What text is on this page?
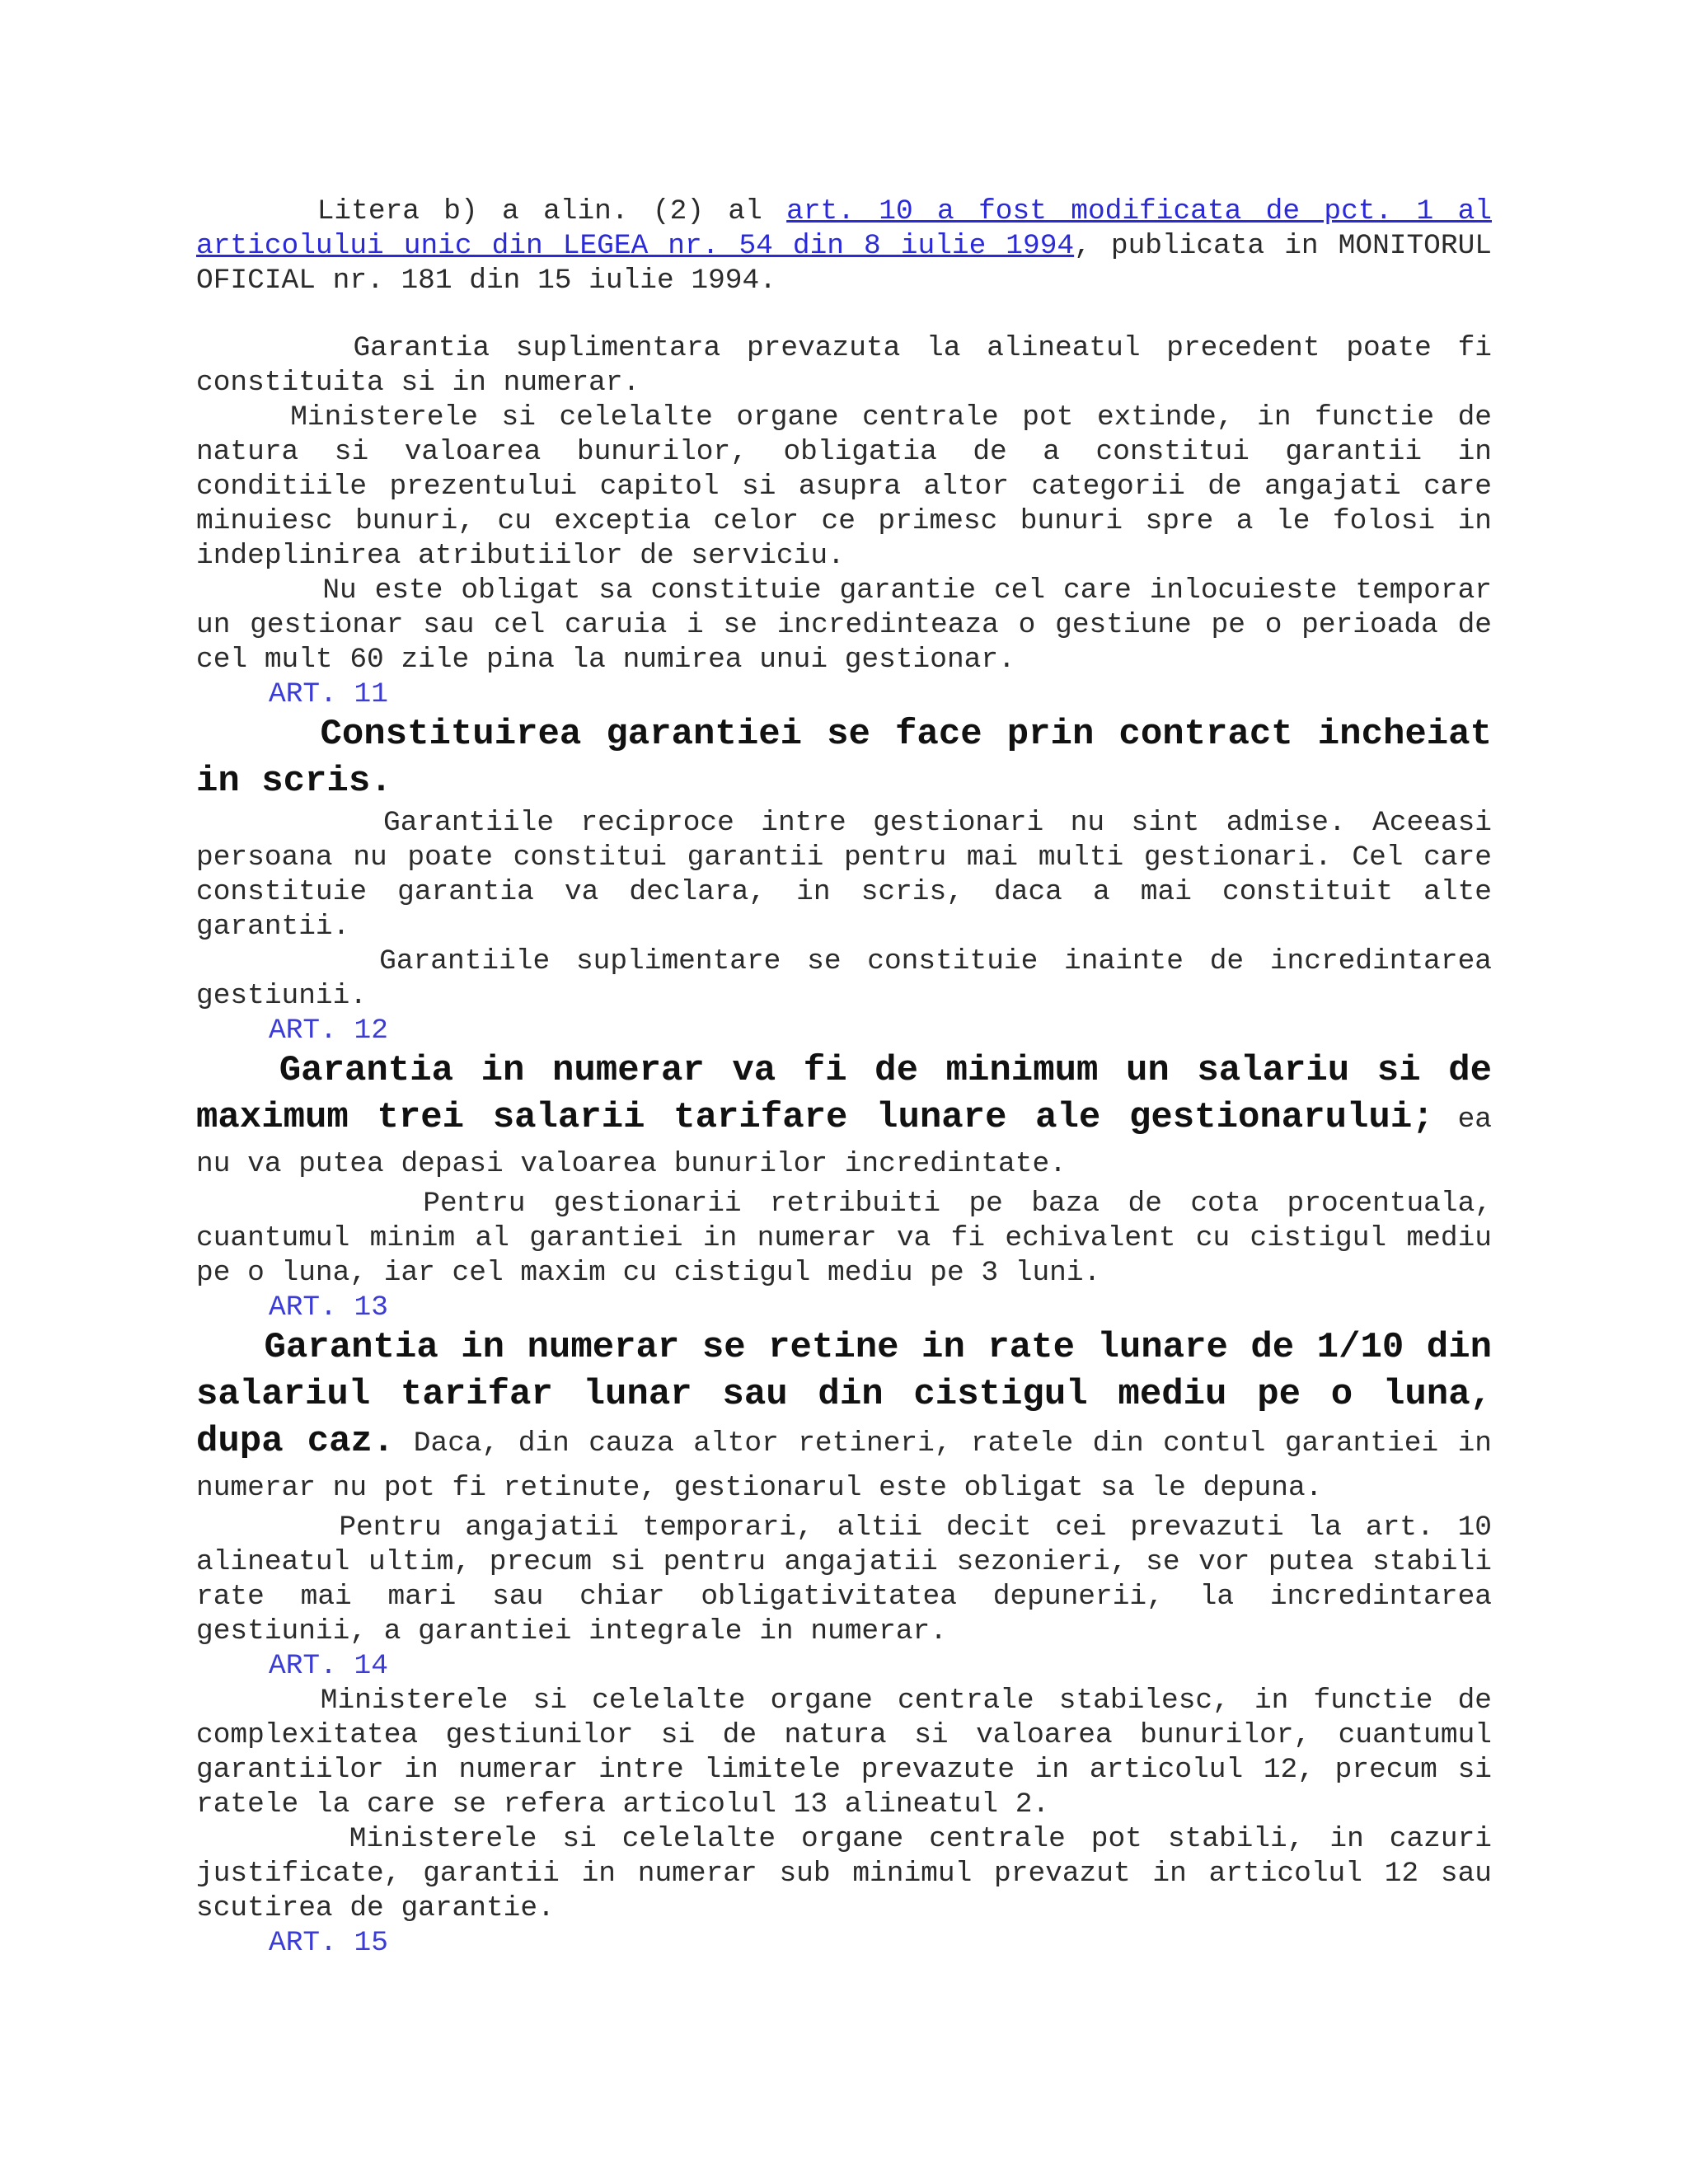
Litera b) a alin. (2) al art. 10 a fost modificata de pct. 1 al articolului unic din LEGEA nr. 54 din 8 iulie 1994, publicata in MONITORUL OFICIAL nr. 181 din 15 iulie 1994.

Garantia suplimentara prevazuta la alineatul precedent poate fi constituita si in numerar.

Ministerele si celelalte organe centrale pot extinde, in functie de natura si valoarea bunurilor, obligatia de a constitui garantii in conditiile prezentului capitol si asupra altor categorii de angajati care minuiesc bunuri, cu exceptia celor ce primesc bunuri spre a le folosi in indeplinirea atributiilor de serviciu.

Nu este obligat sa constituie garantie cel care inlocuieste temporar un gestionar sau cel caruia i se incredinteaza o gestiune pe o perioada de cel mult 60 zile pina la numirea unui gestionar.

ART. 11

Constituirea garantiei se face prin contract incheiat in scris.

Garantiile reciproce intre gestionari nu sint admise. Aceeasi persoana nu poate constitui garantii pentru mai multi gestionari. Cel care constituie garantia va declara, in scris, daca a mai constituit alte garantii.

Garantiile suplimentare se constituie inainte de incredintarea gestiunii.

ART. 12

Garantia in numerar va fi de minimum un salariu si de maximum trei salarii tarifare lunare ale gestionarului; ea nu va putea depasi valoarea bunurilor incredintate.

Pentru gestionarii retribuiti pe baza de cota procentuala, cuantumul minim al garantiei in numerar va fi echivalent cu cistigul mediu pe o luna, iar cel maxim cu cistigul mediu pe 3 luni.

ART. 13

Garantia in numerar se retine in rate lunare de 1/10 din salariul tarifar lunar sau din cistigul mediu pe o luna, dupa caz. Daca, din cauza altor retineri, ratele din contul garantiei in numerar nu pot fi retinute, gestionarul este obligat sa le depuna.

Pentru angajatii temporari, altii decit cei prevazuti la art. 10 alineatul ultim, precum si pentru angajatii sezonieri, se vor putea stabili rate mai mari sau chiar obligativitatea depunerii, la incredintarea gestiunii, a garantiei integrale in numerar.

ART. 14

Ministerele si celelalte organe centrale stabilesc, in functie de complexitatea gestiunilor si de natura si valoarea bunurilor, cuantumul garantiilor in numerar intre limitele prevazute in articolul 12, precum si ratele la care se refera articolul 13 alineatul 2.

Ministerele si celelalte organe centrale pot stabili, in cazuri justificate, garantii in numerar sub minimul prevazut in articolul 12 sau scutirea de garantie.

ART. 15
